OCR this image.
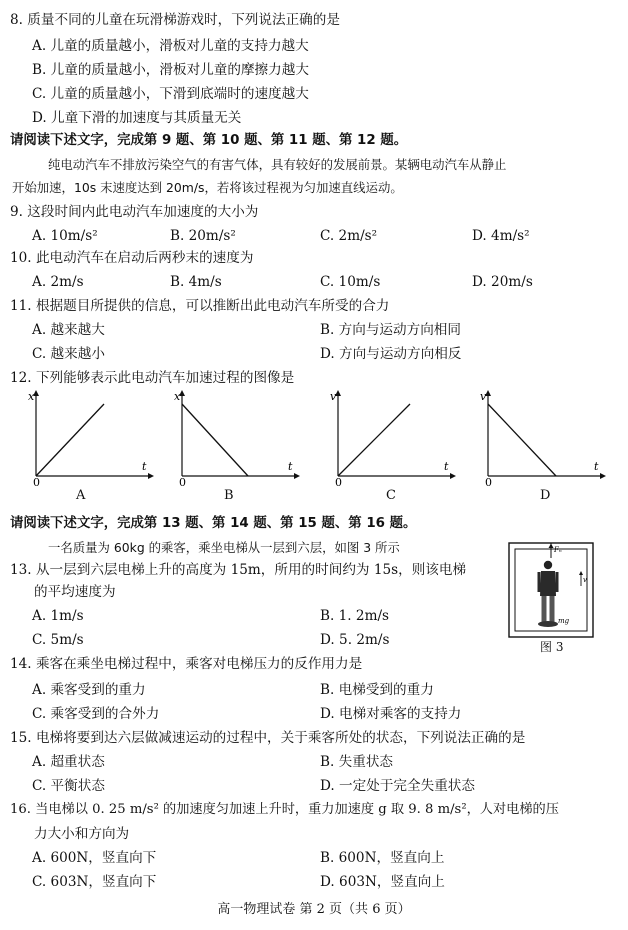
8. 质量不同的儿童在玩滑梯游戏时，下列说法正确的是
A. 儿童的质量越小，滑板对儿童的支持力越大
B. 儿童的质量越小，滑板对儿童的摩擦力越大
C. 儿童的质量越小，下滑到底端时的速度越大
D. 儿童下滑的加速度与其质量无关
请阅读下述文字，完成第 9 题、第 10 题、第 11 题、第 12 题。
纯电动汽车不排放污染空气的有害气体，具有较好的发展前景。某辆电动汽车从静止
开始加速，10s 末速度达到 20m/s，若将该过程视为匀加速直线运动。
9. 这段时间内此电动汽车加速度的大小为
A. 10m/s²	B. 20m/s²	C. 2m/s²	D. 4m/s²
10. 此电动汽车在启动后两秒末的速度为
A. 2m/s	B. 4m/s	C. 10m/s	D. 20m/s
11. 根据题目所提供的信息，可以推断出此电动汽车所受的合力
A. 越来越大	B. 方向与运动方向相同
C. 越来越小	D. 方向与运动方向相反
12. 下列能够表示此电动汽车加速过程的图像是
x
t
0
A
x
t
0
B
v
t
0
C
v
t
0
D
请阅读下述文字，完成第 13 题、第 14 题、第 15 题、第 16 题。
一名质量为 60kg 的乘客，乘坐电梯从一层到六层，如图 3 所示	Fₙ
mg
v
图 3
13. 从一层到六层电梯上升的高度为 15m，所用的时间约为 15s，则该电梯
的平均速度为
A. 1m/s	B. 1. 2m/s
C. 5m/s	D. 5. 2m/s
14. 乘客在乘坐电梯过程中，乘客对电梯压力的反作用力是
A. 乘客受到的重力	B. 电梯受到的重力
C. 乘客受到的合外力	D. 电梯对乘客的支持力
15. 电梯将要到达六层做减速运动的过程中，关于乘客所处的状态，下列说法正确的是
A. 超重状态	B. 失重状态
C. 平衡状态	D. 一定处于完全失重状态
16. 当电梯以 0. 25 m/s² 的加速度匀加速上升时，重力加速度 g 取 9. 8 m/s²，人对电梯的压
力大小和方向为
A. 600N，竖直向下	B. 600N，竖直向上
C. 603N，竖直向下	D. 603N，竖直向上
高一物理试卷 第 2 页（共 6 页）
